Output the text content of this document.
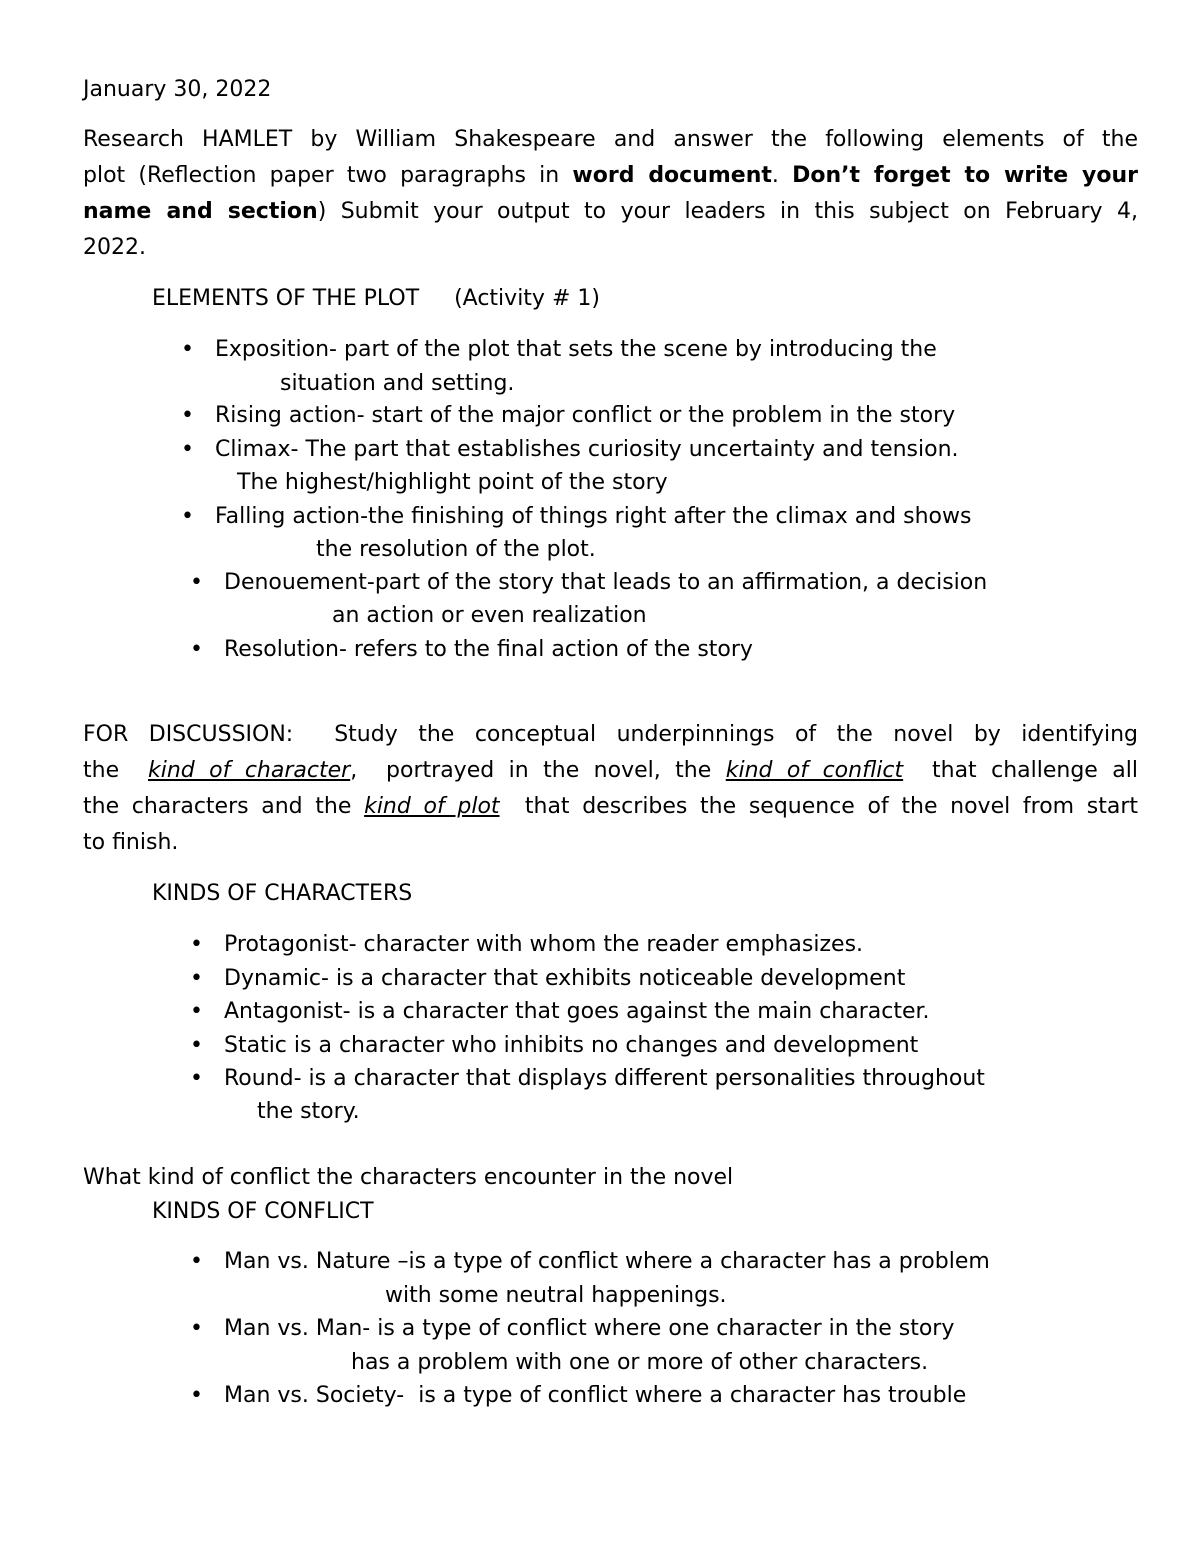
January 30, 2022
Research HAMLET by William Shakespeare and answer the following elements of the
plot (Reflection paper two paragraphs in word document. Don’t forget to write your
name and section) Submit your output to your leaders in this subject on February 4,
2022.
ELEMENTS OF THE PLOT     (Activity # 1)
• Exposition- part of the plot that sets the scene by introducing the
situation and setting.
• Rising action- start of the major conflict or the problem in the story
• Climax- The part that establishes curiosity uncertainty and tension.
The highest/highlight point of the story
• Falling action-the finishing of things right after the climax and shows
the resolution of the plot.
• Denouement-part of the story that leads to an affirmation, a decision
an action or even realization
• Resolution- refers to the final action of the story
FOR DISCUSSION:  Study the conceptual underpinnings of the novel by identifying
the  kind of character,  portrayed in the novel, the kind of conflict  that challenge all
the characters and the kind of plot  that describes the sequence of the novel from start
to finish.
KINDS OF CHARACTERS
• Protagonist- character with whom the reader emphasizes.
• Dynamic- is a character that exhibits noticeable development
• Antagonist- is a character that goes against the main character.
• Static is a character who inhibits no changes and development
• Round- is a character that displays different personalities throughout
the story.
What kind of conflict the characters encounter in the novel
KINDS OF CONFLICT
• Man vs. Nature –is a type of conflict where a character has a problem
with some neutral happenings.
• Man vs. Man- is a type of conflict where one character in the story
has a problem with one or more of other characters.
• Man vs. Society-  is a type of conflict where a character has trouble
